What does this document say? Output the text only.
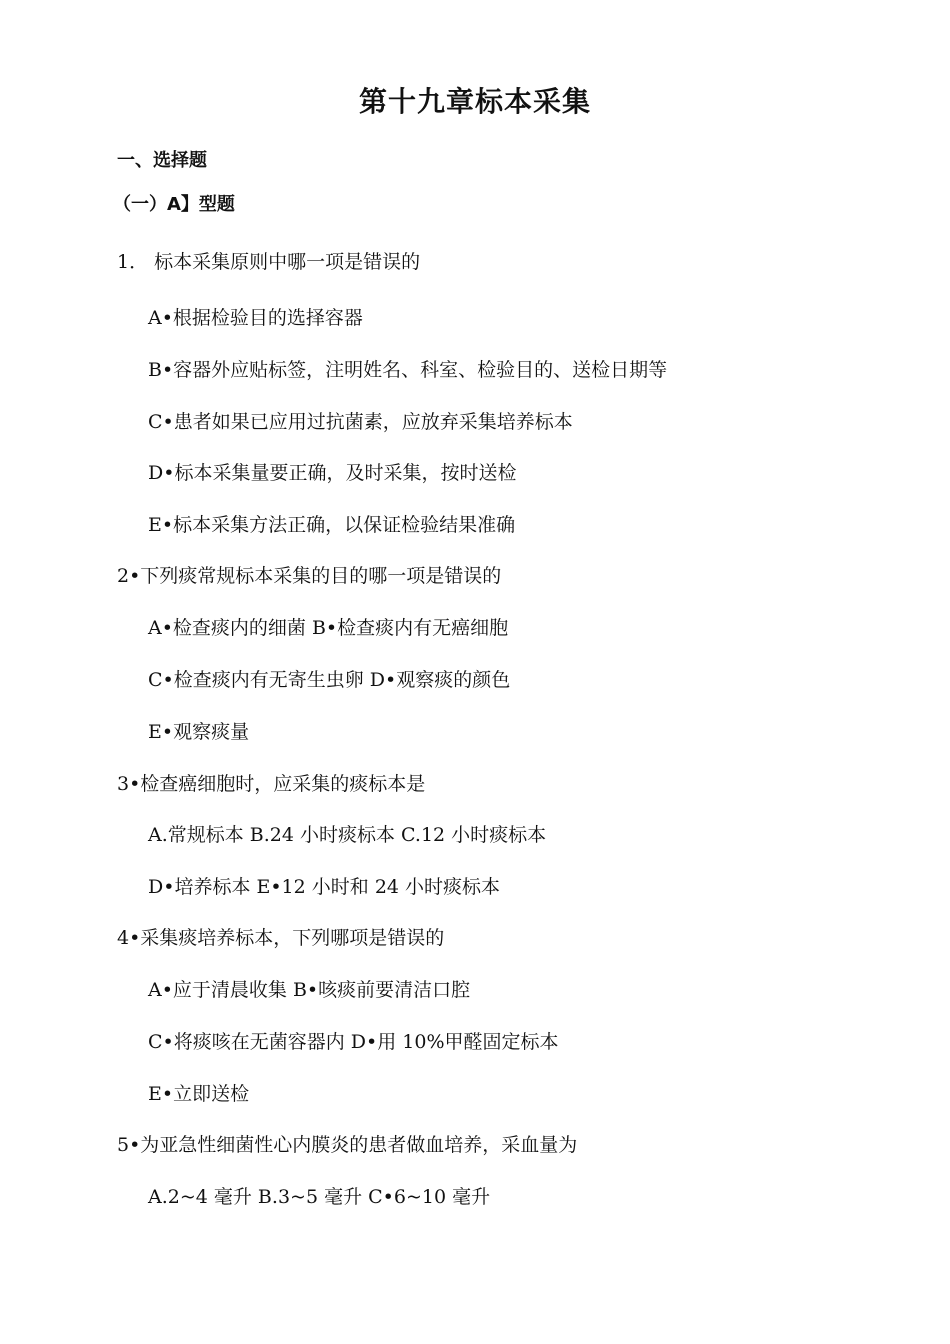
第十九章标本采集
一、选择题
（一）A】型题
1． 标本采集原则中哪一项是错误的
A•根据检验目的选择容器
B•容器外应贴标签，注明姓名、科室、检验目的、送检日期等
C•患者如果已应用过抗菌素，应放弃采集培养标本
D•标本采集量要正确，及时采集，按时送检
E•标本采集方法正确，以保证检验结果准确
2•下列痰常规标本采集的目的哪一项是错误的
A•检查痰内的细菌 B•检查痰内有无癌细胞
C•检查痰内有无寄生虫卵 D•观察痰的颜色
E•观察痰量
3•检查癌细胞时，应采集的痰标本是
A.常规标本 B.24 小时痰标本 C.12 小时痰标本
D•培养标本 E•12 小时和 24 小时痰标本
4•采集痰培养标本，下列哪项是错误的
A•应于清晨收集 B•咳痰前要清洁口腔
C•将痰咳在无菌容器内 D•用 10%甲醛固定标本
E•立即送检
5•为亚急性细菌性心内膜炎的患者做血培养，采血量为
A.2~4 毫升 B.3~5 毫升 C•6~10 毫升
